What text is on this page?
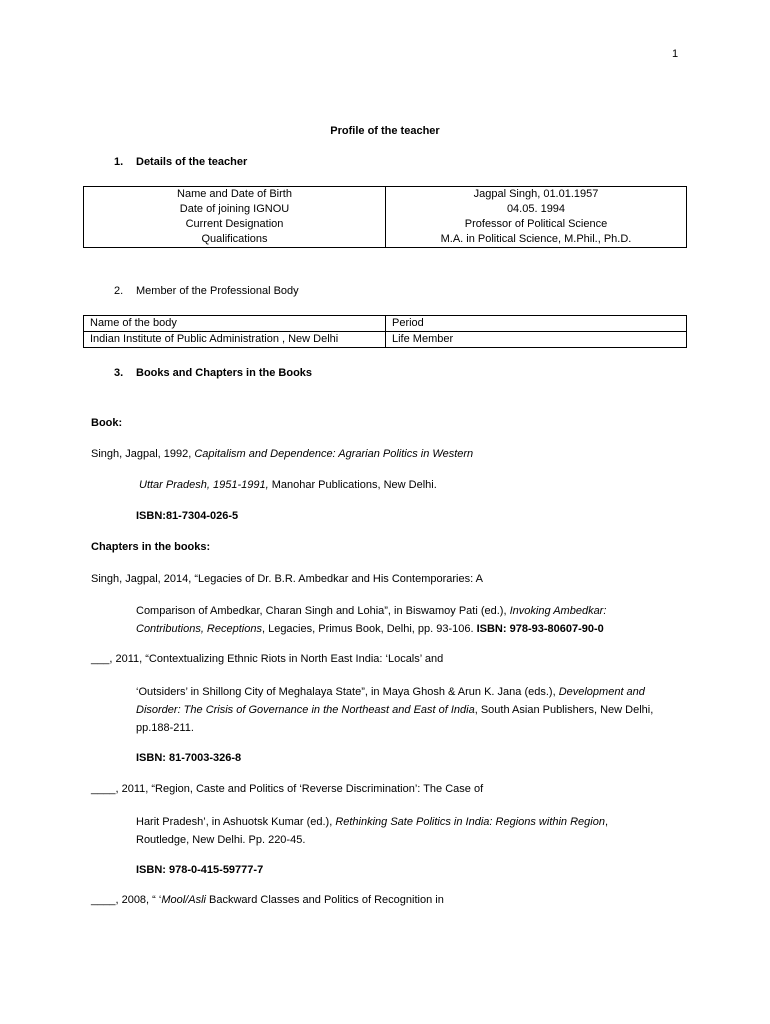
1
Profile of the teacher
1. Details of the teacher
Name and Date of Birth	Jagpal Singh, 01.01.1957
Date of joining IGNOU	04.05. 1994
Current Designation	Professor of Political Science
Qualifications	M.A. in Political Science, M.Phil., Ph.D.
2. Member of the Professional Body
Name of the body	Period
Indian Institute of Public Administration , New Delhi	Life Member
3. Books and Chapters in the Books
Book:
Singh, Jagpal, 1992, Capitalism and Dependence: Agrarian Politics in Western
Uttar Pradesh, 1951-1991, Manohar Publications, New Delhi.
ISBN:81-7304-026-5
Chapters in the books:
Singh, Jagpal, 2014, “Legacies of Dr. B.R. Ambedkar and His Contemporaries: A
Comparison of Ambedkar, Charan Singh and Lohia”, in Biswamoy Pati (ed.), Invoking Ambedkar:
Contributions, Receptions, Legacies, Primus Book, Delhi, pp. 93-106. ISBN: 978-93-80607-90-0
___, 2011, “Contextualizing Ethnic Riots in North East India: ‘Locals’ and
‘Outsiders’ in Shillong City of Meghalaya State”, in Maya Ghosh & Arun K. Jana (eds.), Development and
Disorder: The Crisis of Governance in the Northeast and East of India, South Asian Publishers, New Delhi,
pp.188-211.
ISBN: 81-7003-326-8
____, 2011, “Region, Caste and Politics of ‘Reverse Discrimination’: The Case of
Harit Pradesh’, in Ashuotsk Kumar (ed.), Rethinking Sate Politics in India: Regions within Region,
Routledge, New Delhi. Pp. 220-45.
ISBN: 978-0-415-59777-7
____, 2008, “ ‘Mool/Asli Backward Classes and Politics of Recognition in
